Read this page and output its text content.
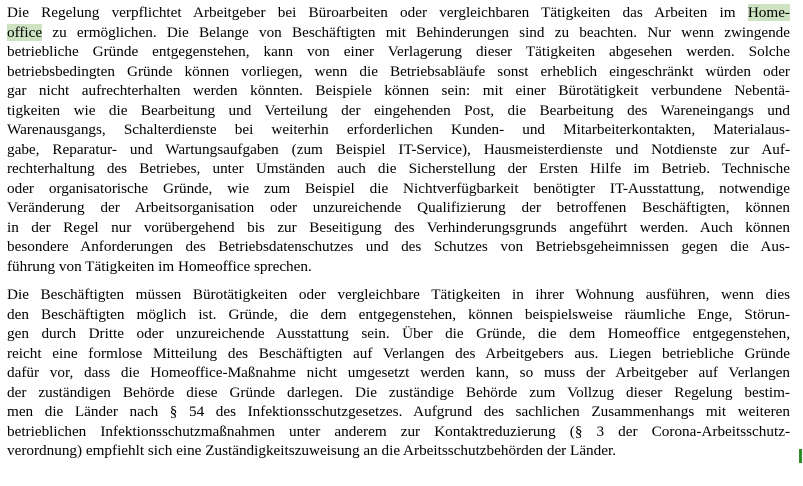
Die Regelung verpflichtet Arbeitgeber bei Büroarbeiten oder vergleichbaren Tätigkeiten das Arbeiten im Home-
office zu ermöglichen. Die Belange von Beschäftigten mit Behinderungen sind zu beachten. Nur wenn zwingende
betriebliche Gründe entgegenstehen, kann von einer Verlagerung dieser Tätigkeiten abgesehen werden. Solche
betriebsbedingten Gründe können vorliegen, wenn die Betriebsabläufe sonst erheblich eingeschränkt würden oder
gar nicht aufrechterhalten werden könnten. Beispiele können sein: mit einer Bürotätigkeit verbundene Nebentä-
tigkeiten wie die Bearbeitung und Verteilung der eingehenden Post, die Bearbeitung des Wareneingangs und
Warenausgangs, Schalterdienste bei weiterhin erforderlichen Kunden- und Mitarbeiterkontakten, Materialaus-
gabe, Reparatur- und Wartungsaufgaben (zum Beispiel IT-Service), Hausmeisterdienste und Notdienste zur Auf-
rechterhaltung des Betriebes, unter Umständen auch die Sicherstellung der Ersten Hilfe im Betrieb. Technische
oder organisatorische Gründe, wie zum Beispiel die Nichtverfügbarkeit benötigter IT-Ausstattung, notwendige
Veränderung der Arbeitsorganisation oder unzureichende Qualifizierung der betroffenen Beschäftigten, können
in der Regel nur vorübergehend bis zur Beseitigung des Verhinderungsgrunds angeführt werden. Auch können
besondere Anforderungen des Betriebsdatenschutzes und des Schutzes von Betriebsgeheimnissen gegen die Aus-
führung von Tätigkeiten im Homeoffice sprechen.
Die Beschäftigten müssen Bürotätigkeiten oder vergleichbare Tätigkeiten in ihrer Wohnung ausführen, wenn dies
den Beschäftigten möglich ist. Gründe, die dem entgegenstehen, können beispielsweise räumliche Enge, Störun-
gen durch Dritte oder unzureichende Ausstattung sein. Über die Gründe, die dem Homeoffice entgegenstehen,
reicht eine formlose Mitteilung des Beschäftigten auf Verlangen des Arbeitgebers aus. Liegen betriebliche Gründe
dafür vor, dass die Homeoffice-Maßnahme nicht umgesetzt werden kann, so muss der Arbeitgeber auf Verlangen
der zuständigen Behörde diese Gründe darlegen. Die zuständige Behörde zum Vollzug dieser Regelung bestim-
men die Länder nach § 54 des Infektionsschutzgesetzes. Aufgrund des sachlichen Zusammenhangs mit weiteren
betrieblichen Infektionsschutzmaßnahmen unter anderem zur Kontaktreduzierung (§ 3 der Corona-Arbeitsschutz-
verordnung) empfiehlt sich eine Zuständigkeitszuweisung an die Arbeitsschutzbehörden der Länder.
